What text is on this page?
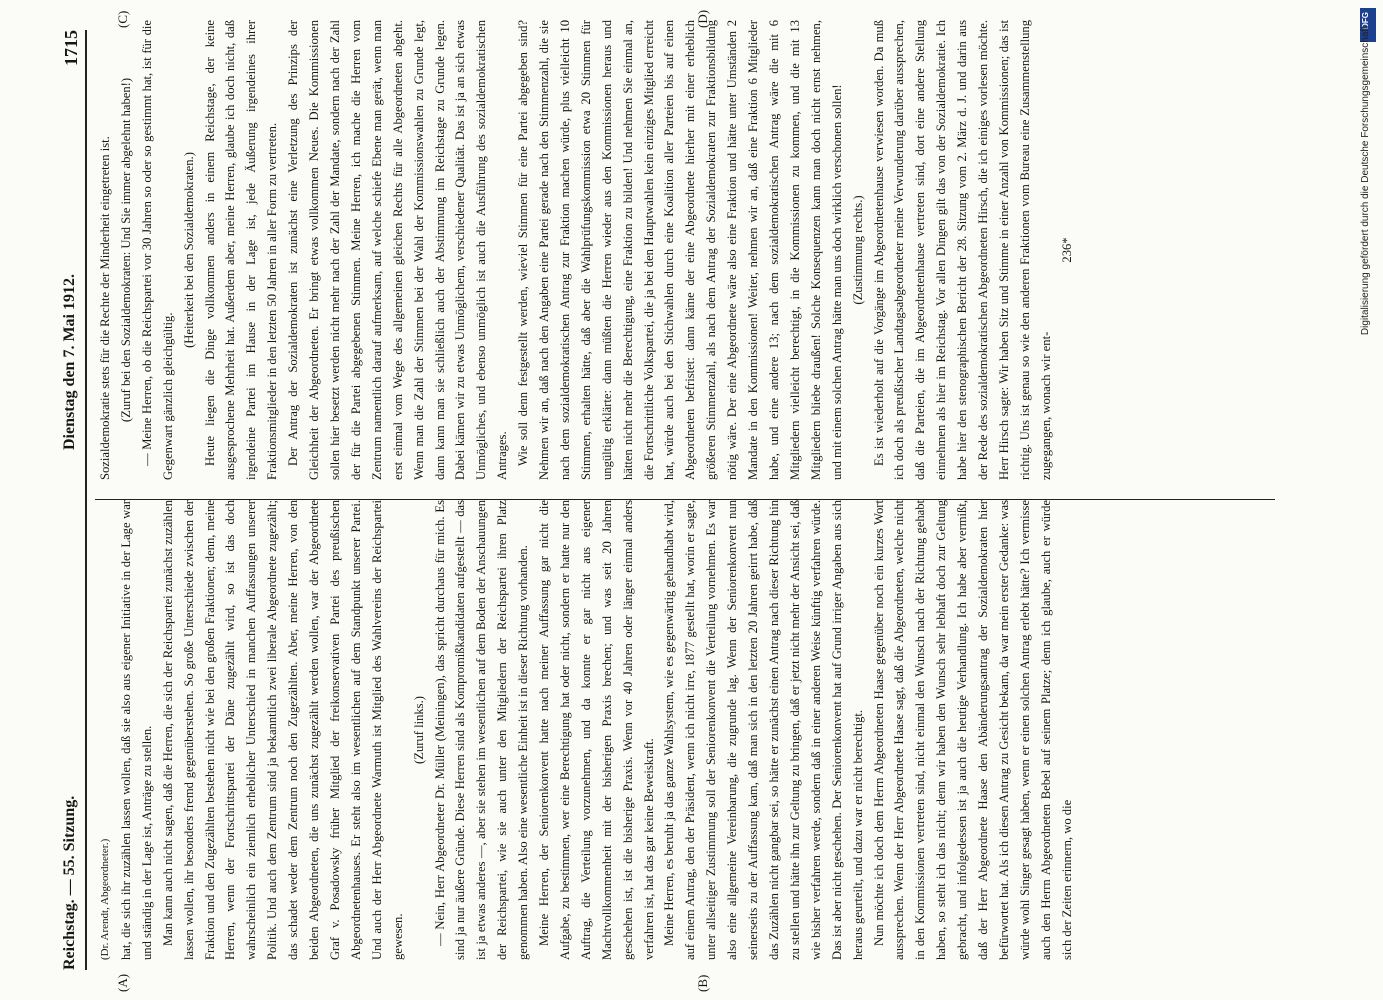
Reichstag. — 55. Sitzung.
Dienstag den 7. Mai 1912.
1715
(A)	(B)
(C)	(D)

(Dr. Arendt, Abgeordneter.) hat, die sich ihr zuzählen lassen wollen, daß sie also aus eigener Initiative in der Lage war und ständig in der Lage ist, Anträge zu stellen. Man kann auch nicht sagen, daß die Herren, die sich der Reichspartei zunächst zuzählen lassen wollen, ihr besonders fremd gegenüberstehen. So große Unterschiede zwischen der Fraktion und den Zugezählten bestehen nicht wie bei den großen Fraktionen; denn, meine Herren, wenn der Fortschrittspartei der Däne zugezählt wird, so ist das doch wahrscheinlich ein ziemlich erheblicher Unterschied in manchen Auffassungen unserer Politik. Und auch dem Zentrum sind ja bekanntlich zwei liberale Abgeordnete zugezählt; das schadet weder dem Zentrum noch den Zugezählten. Aber, meine Herren, von den beiden Abgeordneten, die uns zunächst zugezählt werden wollen, war der Abgeordnete Graf v. Posadowsky früher Mitglied der freikonservativen Partei des preußischen Abgeordnetenhauses. Er steht also im wesentlichen auf dem Standpunkt unserer Partei. Und auch der Herr Abgeordnete Warmuth ist Mitglied des Wahlvereins der Reichspartei gewesen.

(Zuruf links.) — Nein, Herr Abgeordneter Dr. Müller (Meiningen), das spricht durchaus für mich. Es sind ja nur äußere Gründe. Diese Herren sind als Kompromißkandidaten aufgestellt — das ist ja etwas anderes —, aber sie stehen im wesentlichen auf dem Boden der Anschauungen der Reichspartei, wie sie auch unter den Mitgliedern der Reichspartei ihren Platz genommen haben. Also eine wesentliche Einheit ist in dieser Richtung vorhanden. Meine Herren, der Seniorenkonvent hatte nach meiner Auffassung gar nicht die Aufgabe, zu bestimmen, wer eine Berechtigung hat oder nicht, sondern er hatte nur den Auftrag, die Verteilung vorzunehmen, und da konnte er gar nicht aus eigener Machtvollkommenheit mit der bisherigen Praxis brechen; und was seit 20 Jahren geschehen ist, ist die bisherige Praxis. Wenn vor 40 Jahren oder länger einmal anders verfahren ist, hat das gar keine Beweiskraft. Meine Herren, es beruht ja das ganze Wahlsystem, wie es gegenwärtig gehandhabt wird, auf einem Antrag, den der Präsident, wenn ich nicht irre, 1877 gestellt hat, worin er sagte, unter allseitiger Zustimmung soll der Seniorenkonvent die Verteilung vornehmen. Es war also eine allgemeine Vereinbarung, die zugrunde lag. Wenn der Seniorenkonvent nun seinerseits zu der Auffassung kam, daß man sich in den letzten 20 Jahren geirrt habe, daß das Zuzählen nicht gangbar sei, so hätte er zunächst einen Antrag nach dieser Richtung hin zu stellen und hätte ihn zur Geltung zu bringen, daß er jetzt nicht mehr der Ansicht sei, daß wie bisher verfahren werde, sondern daß in einer anderen Weise künftig verfahren würde. Das ist aber nicht geschehen. Der Seniorenkonvent hat auf Grund irriger Angaben aus sich heraus geurteilt, und dazu war er nicht berechtigt. Nun möchte ich doch dem Herrn Abgeordneten Haase gegenüber noch ein kurzes Wort aussprechen. Wenn der Herr Abgeordnete Haase sagt, daß die Abgeordneten, welche nicht in den Kommissionen vertreten sind, nicht einmal den Wunsch nach der Richtung gehabt haben, so steht ich das nicht; denn wir haben den Wunsch sehr lebhaft doch zur Geltung gebracht, und infolgedessen ist ja auch die heutige Verhandlung. Ich habe aber vermißt, daß der Herr Abgeordnete Haase den Abänderungsantrag der Sozialdemokraten hier befürwortet hat. Als ich diesen Antrag zu Gesicht bekam, da war mein erster Gedanke: was würde wohl Singer gesagt haben, wenn er einen solchen Antrag erlebt hätte? Ich vermisse auch den Herrn Abgeordneten Bebel auf seinem Platze; denn ich glaube, auch er würde sich der Zeiten erinnern, wo die

Sozialdemokratie stets für die Rechte der Minderheit eingetreten ist. (Zuruf bei den Sozialdemokraten: Und Sie immer abgelehnt haben!) — Meine Herren, ob die Reichspartei vor 30 Jahren so oder so gestimmt hat, ist für die Gegenwart gänzlich gleichgültig.

(Heiterkeit bei den Sozialdemokraten.) Heute liegen die Dinge vollkommen anders in einem Reichstage, der keine ausgesprochene Mehrheit hat. Außerdem aber, meine Herren, glaube ich doch nicht, daß irgendeine Partei im Hause in der Lage ist, jede Äußerung irgendeines ihrer Fraktionsmitglieder in den letzten 50 Jahren in aller Form zu vertreten. Der Antrag der Sozialdemokraten ist zunächst eine Verletzung des Prinzips der Gleichheit der Abgeordneten. Er bringt etwas vollkommen Neues. Die Kommissionen sollen hier besetzt werden nicht mehr nach der Zahl der Mandate, sondern nach der Zahl der für die Partei abgegebenen Stimmen. Meine Herren, ich mache die Herren vom Zentrum namentlich darauf aufmerksam, auf welche schiefe Ebene man gerät, wenn man erst einmal vom Wege des allgemeinen gleichen Rechts für alle Abgeordneten abgeht. Wenn man die Zahl der Stimmen bei der Wahl der Kommissionswahlen zu Grunde legt, dann kann man sie schließlich auch der Abstimmung im Reichstage zu Grunde legen. Dabei kämen wir zu etwas Unmöglichem, verschiedener Qualität. Das ist ja an sich etwas Unmögliches, und ebenso unmöglich ist auch die Ausführung des sozialdemokratischen Antrages. Wie soll denn festgestellt werden, wieviel Stimmen für eine Partei abgegeben sind? Nehmen wir an, daß nach den Angaben eine Partei gerade nach den Stimmenzahl, die sie nach dem sozialdemokratischen Antrag zur Fraktion machen würde, plus vielleicht 10 Stimmen, erhalten hätte, daß aber die Wahlprüfungskommission etwa 20 Stimmen für ungültig erklärte: dann müßten die Herren wieder aus den Kommissionen heraus und hätten nicht mehr die Berechtigung, eine Fraktion zu bilden! Und nehmen Sie einmal an, die Fortschrittliche Volkspartei, die ja bei den Hauptwahlen kein einziges Mitglied erreicht hat, würde auch bei den Stichwahlen durch eine Koalition aller Parteien bis auf einen Abgeordneten befristet: dann käme der eine Abgeordnete hierher mit einer erheblich größeren Stimmenzahl, als nach dem Antrag der Sozialdemokraten zur Fraktionsbildung nötig wäre. Der eine Abgeordnete wäre also eine Fraktion und hätte unter Umständen 2 Mandate in den Kommissionen! Weiter, nehmen wir an, daß eine Fraktion 6 Mitglieder habe, und eine andere 13; nach dem sozialdemokratischen Antrag wäre die mit 6 Mitgliedern vielleicht berechtigt, in die Kommissionen zu kommen, und die mit 13 Mitgliedern bliebe draußen! Solche Konsequenzen kann man doch nicht ernst nehmen, und mit einem solchen Antrag hätte man uns doch wirklich verschonen sollen! (Zustimmung rechts.) Es ist wiederholt auf die Vorgänge im Abgeordnetenhause verwiesen worden. Da muß ich doch als preußischer Landtagsabgeordneter meine Verwunderung darüber aussprechen, daß die Parteien, die im Abgeordnetenhause vertreten sind, dort eine andere Stellung einnehmen als hier im Reichstag. Vor allen Dingen gilt das von der Sozialdemokratie. Ich habe hier den stenographischen Bericht der 28. Sitzung vom 2. März d. J. und darin aus der Rede des sozialdemokratischen Abgeordneten Hirsch, die ich einiges vorlesen möchte. Herr Hirsch sagte: Wir haben Sitz und Stimme in einer Anzahl von Kommissionen; das ist richtig. Uns ist genau so wie den anderen Fraktionen vom Bureau eine Zusammenstellung zugegangen, wonach wir ent-

236*

DFG
Digitalisierung gefördert durch die Deutsche Forschungsgemeinschaft
